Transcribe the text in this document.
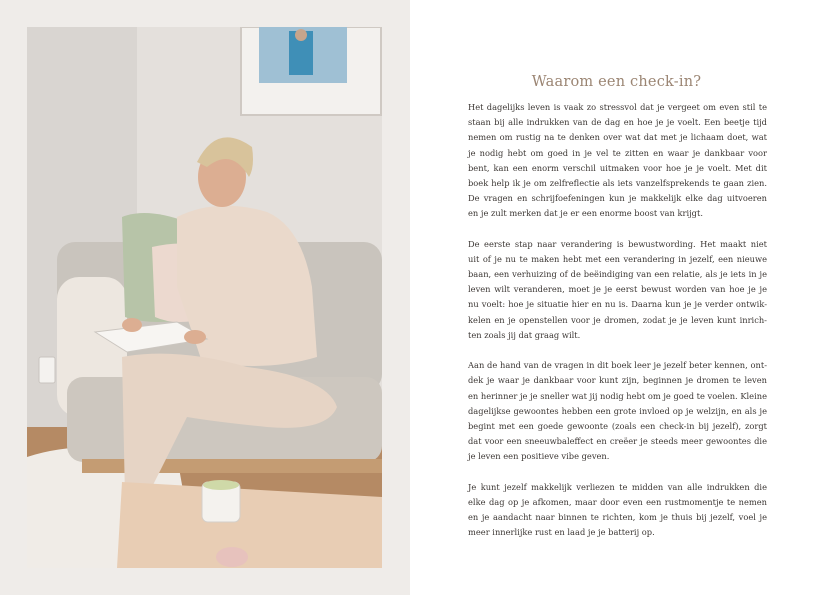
Waarom een check-in?

Het dagelijks leven is vaak zo stressvol dat je vergeet om even stil te
staan bij alle indrukken van de dag en hoe je je voelt. Een beetje tijd
nemen om rustig na te denken over wat dat met je lichaam doet, wat
je nodig hebt om goed in je vel te zitten en waar je dankbaar voor
bent, kan een enorm verschil uitmaken voor hoe je je voelt. Met dit
boek help ik je om zelfreflectie als iets vanzelfsprekends te gaan zien.
De vragen en schrijfoefeningen kun je makkelijk elke dag uitvoeren
en je zult merken dat je er een enorme boost van krijgt.

De eerste stap naar verandering is bewustwording. Het maakt niet
uit of je nu te maken hebt met een verandering in jezelf, een nieuwe
baan, een verhuizing of de beëindiging van een relatie, als je iets in je
leven wilt veranderen, moet je je eerst bewust worden van hoe je je
nu voelt: hoe je situatie hier en nu is. Daarna kun je je verder ontwik-
kelen en je openstellen voor je dromen, zodat je je leven kunt inrich-
ten zoals jij dat graag wilt.

Aan de hand van de vragen in dit boek leer je jezelf beter kennen, ont-
dek je waar je dankbaar voor kunt zijn, beginnen je dromen te leven
en herinner je je sneller wat jij nodig hebt om je goed te voelen. Kleine
dagelijkse gewoontes hebben een grote invloed op je welzijn, en als je
begint met een goede gewoonte (zoals een check-in bij jezelf), zorgt
dat voor een sneeuwbaleffect en creëer je steeds meer gewoontes die
je leven een positieve vibe geven.

Je kunt jezelf makkelijk verliezen te midden van alle indrukken die
elke dag op je afkomen, maar door even een rustmomentje te nemen
en je aandacht naar binnen te richten, kom je thuis bij jezelf, voel je
meer innerlijke rust en laad je je batterij op.
